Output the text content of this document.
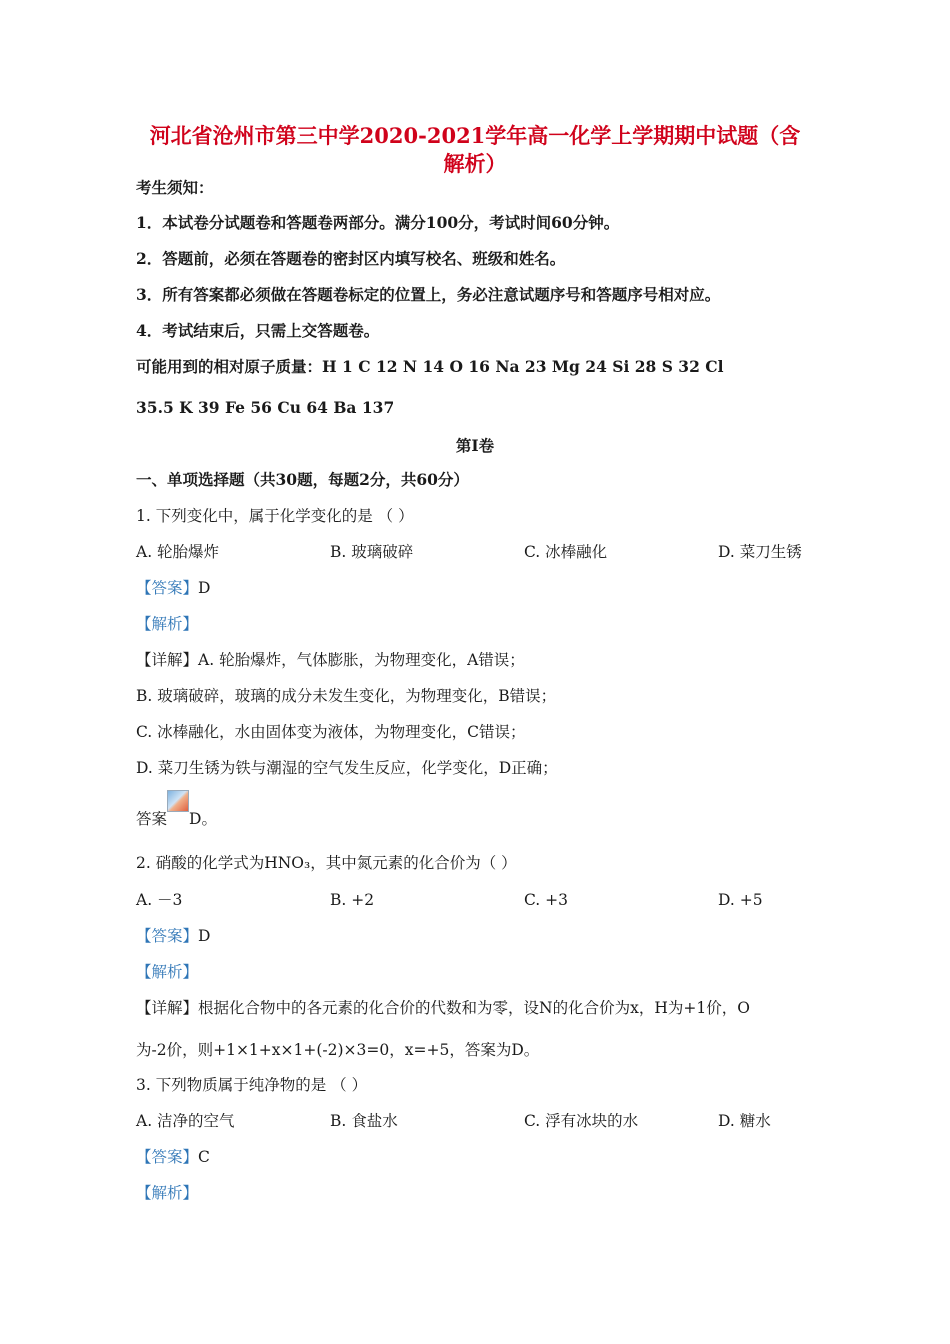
河北省沧州市第三中学2020-2021学年高一化学上学期期中试题（含
解析）
考生须知：
1．本试卷分试题卷和答题卷两部分。满分100分，考试时间60分钟。
2．答题前，必须在答题卷的密封区内填写校名、班级和姓名。
3．所有答案都必须做在答题卷标定的位置上，务必注意试题序号和答题序号相对应。
4．考试结束后，只需上交答题卷。
可能用到的相对原子质量：H 1 C 12 N 14 O 16 Na 23 Mg 24 Si 28 S 32 Cl
35.5 K 39 Fe 56 Cu 64 Ba 137
第Ⅰ卷
一、单项选择题（共30题，每题2分，共60分）
1. 下列变化中，属于化学变化的是 （ ）
A. 轮胎爆炸	B. 玻璃破碎	C. 冰棒融化	D. 菜刀生锈
【答案】D
【解析】
【详解】A. 轮胎爆炸，气体膨胀，为物理变化，A错误；
B. 玻璃破碎，玻璃的成分未发生变化，为物理变化，B错误；
C. 冰棒融化，水由固体变为液体，为物理变化，C错误；
D. 菜刀生锈为铁与潮湿的空气发生反应，化学变化，D正确；
答案 D。
2. 硝酸的化学式为HNO₃，其中氮元素的化合价为（ ）
A. －3	B. +2	C. +3	D. +5
【答案】D
【解析】
【详解】根据化合物中的各元素的化合价的代数和为零，设N的化合价为x，H为+1价，O
为-2价，则+1×1+x×1+(-2)×3=0，x=+5，答案为D。
3. 下列物质属于纯净物的是 （ ）
A. 洁净的空气	B. 食盐水	C. 浮有冰块的水	D. 糖水
【答案】C
【解析】
